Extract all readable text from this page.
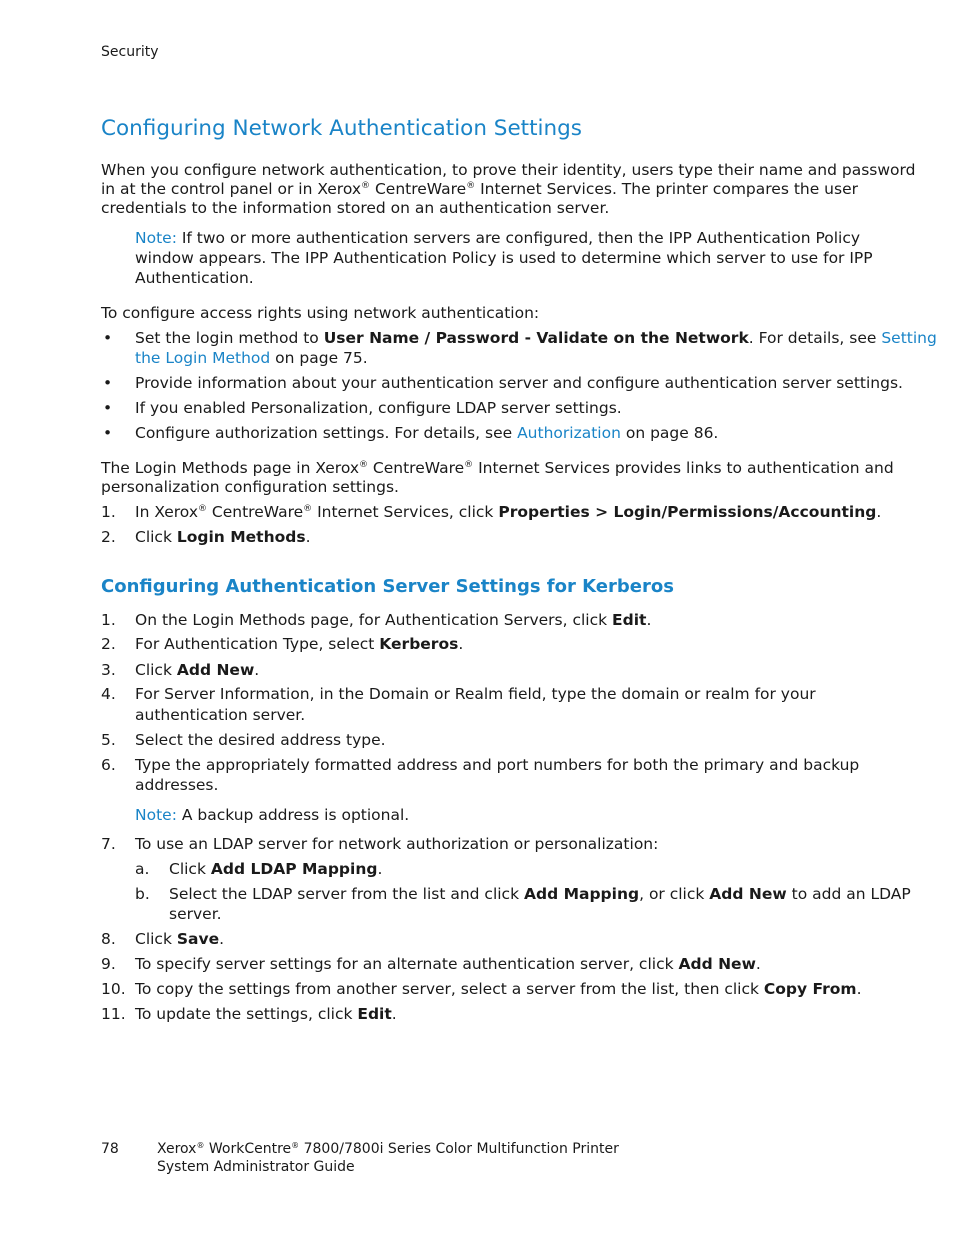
Security
Configuring Network Authentication Settings
When you configure network authentication, to prove their identity, users type their name and password
in at the control panel or in Xerox® CentreWare® Internet Services. The printer compares the user
credentials to the information stored on an authentication server.
Note: If two or more authentication servers are configured, then the IPP Authentication Policy
window appears. The IPP Authentication Policy is used to determine which server to use for IPP
Authentication.
To configure access rights using network authentication:
• Set the login method to User Name / Password - Validate on the Network. For details, see Setting
the Login Method on page 75.
• Provide information about your authentication server and configure authentication server settings.
• If you enabled Personalization, configure LDAP server settings.
• Configure authorization settings. For details, see Authorization on page 86.
The Login Methods page in Xerox® CentreWare® Internet Services provides links to authentication and
personalization configuration settings.
1. In Xerox® CentreWare® Internet Services, click Properties > Login/Permissions/Accounting.
2. Click Login Methods.
Configuring Authentication Server Settings for Kerberos
1. On the Login Methods page, for Authentication Servers, click Edit.
2. For Authentication Type, select Kerberos.
3. Click Add New.
4. For Server Information, in the Domain or Realm field, type the domain or realm for your
authentication server.
5. Select the desired address type.
6. Type the appropriately formatted address and port numbers for both the primary and backup
addresses.
Note: A backup address is optional.
7. To use an LDAP server for network authorization or personalization:
a. Click Add LDAP Mapping.
b. Select the LDAP server from the list and click Add Mapping, or click Add New to add an LDAP
server.
8. Click Save.
9. To specify server settings for an alternate authentication server, click Add New.
10. To copy the settings from another server, select a server from the list, then click Copy From.
11. To update the settings, click Edit.
78	Xerox® WorkCentre® 7800/7800i Series Color Multifunction Printer
System Administrator Guide
